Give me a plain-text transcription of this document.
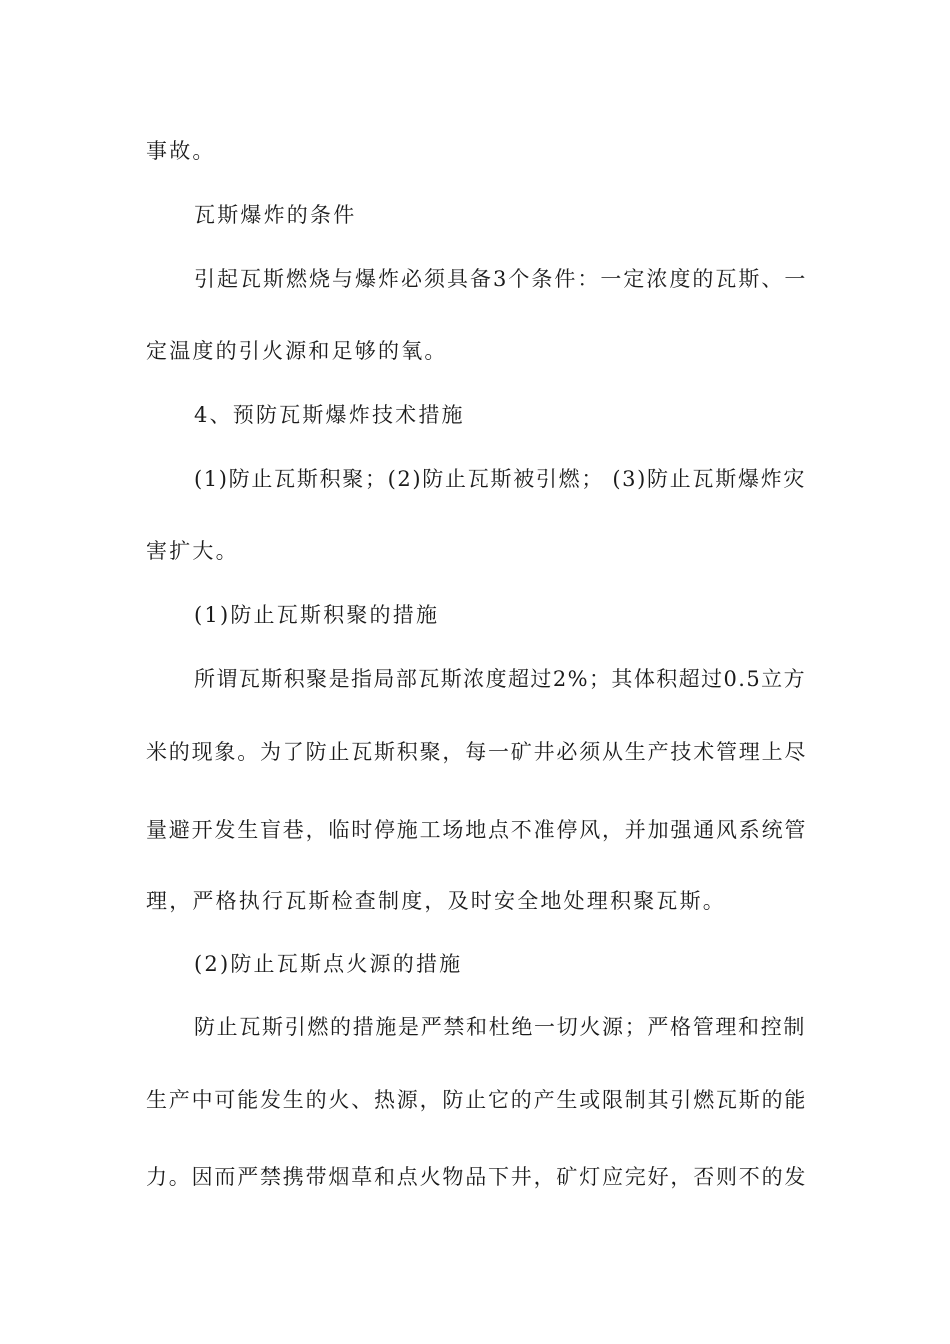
事故。
瓦斯爆炸的条件
引起瓦斯燃烧与爆炸必须具备3个条件：一定浓度的瓦斯、一
定温度的引火源和足够的氧。
4、预防瓦斯爆炸技术措施
(1)防止瓦斯积聚；(2)防止瓦斯被引燃； (3)防止瓦斯爆炸灾
害扩大。
(1)防止瓦斯积聚的措施
所谓瓦斯积聚是指局部瓦斯浓度超过2%；其体积超过0.5立方
米的现象。为了防止瓦斯积聚，每一矿井必须从生产技术管理上尽
量避开发生盲巷，临时停施工场地点不准停风，并加强通风系统管
理，严格执行瓦斯检查制度，及时安全地处理积聚瓦斯。
(2)防止瓦斯点火源的措施
防止瓦斯引燃的措施是严禁和杜绝一切火源；严格管理和控制
生产中可能发生的火、热源，防止它的产生或限制其引燃瓦斯的能
力。因而严禁携带烟草和点火物品下井，矿灯应完好，否则不的发
